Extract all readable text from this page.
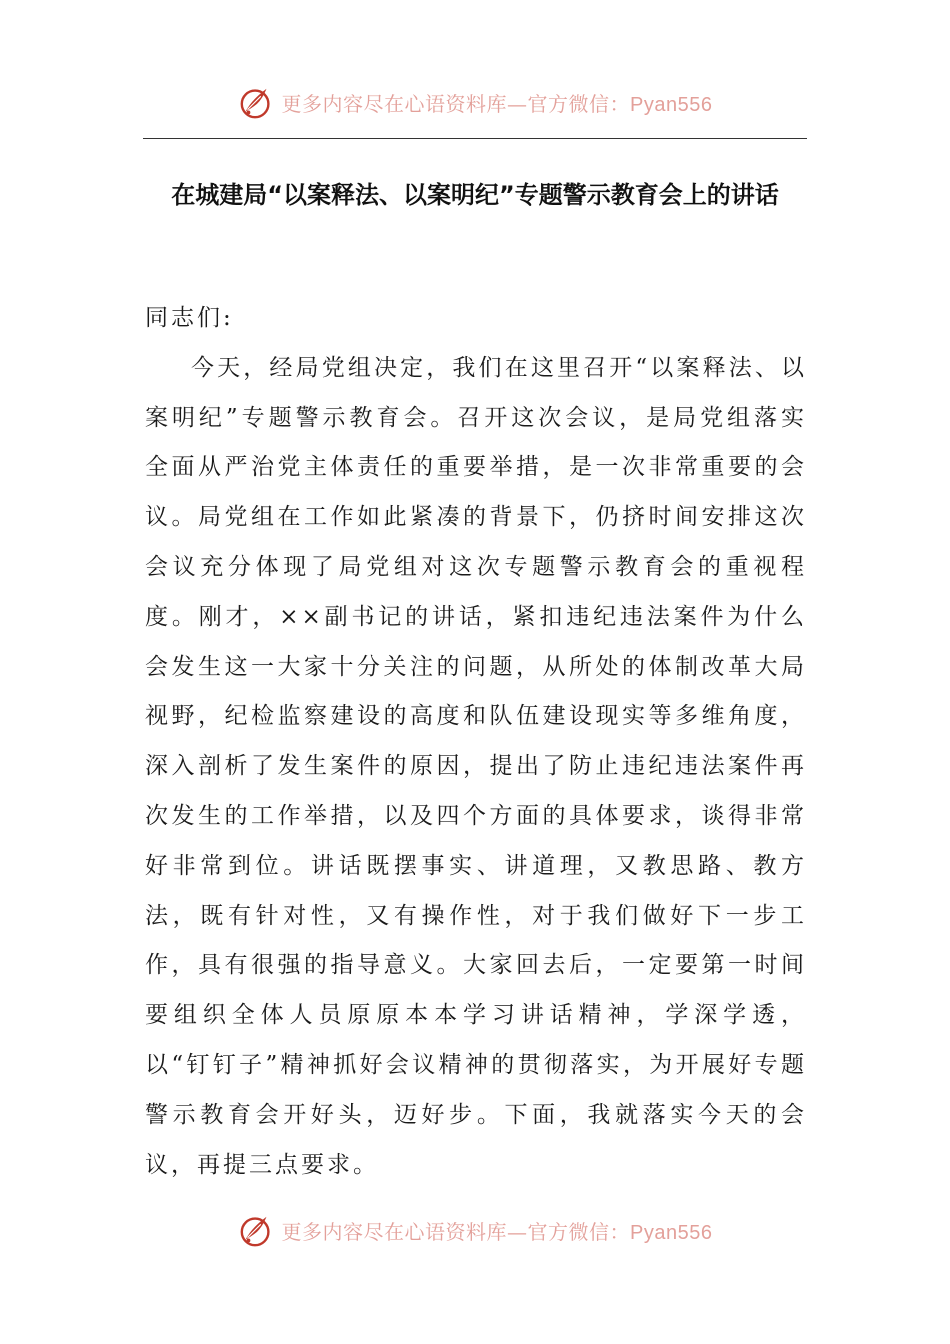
更多内容尽在心语资料库—官方微信：Pyan556
在城建局“以案释法、以案明纪”专题警示教育会上的讲话

同志们:

今天，经局党组决定，我们在这里召开“以案释法、以案明纪”专题警示教育会。召开这次会议，是局党组落实全面从严治党主体责任的重要举措，是一次非常重要的会议。局党组在工作如此紧凑的背景下，仍挤时间安排这次会议充分体现了局党组对这次专题警示教育会的重视程度。刚才，××副书记的讲话，紧扣违纪违法案件为什么会发生这一大家十分关注的问题，从所处的体制改革大局视野，纪检监察建设的高度和队伍建设现实等多维角度，深入剖析了发生案件的原因，提出了防止违纪违法案件再次发生的工作举措，以及四个方面的具体要求，谈得非常好非常到位。讲话既摆事实、讲道理，又教思路、教方法，既有针对性，又有操作性，对于我们做好下一步工作，具有很强的指导意义。大家回去后，一定要第一时间要组织全体人员原原本本学习讲话精神，学深学透，以“钉钉子”精神抓好会议精神的贯彻落实，为开展好专题警示教育会开好头，迈好步。下面，我就落实今天的会议，再提三点要求。

更多内容尽在心语资料库—官方微信：Pyan556
